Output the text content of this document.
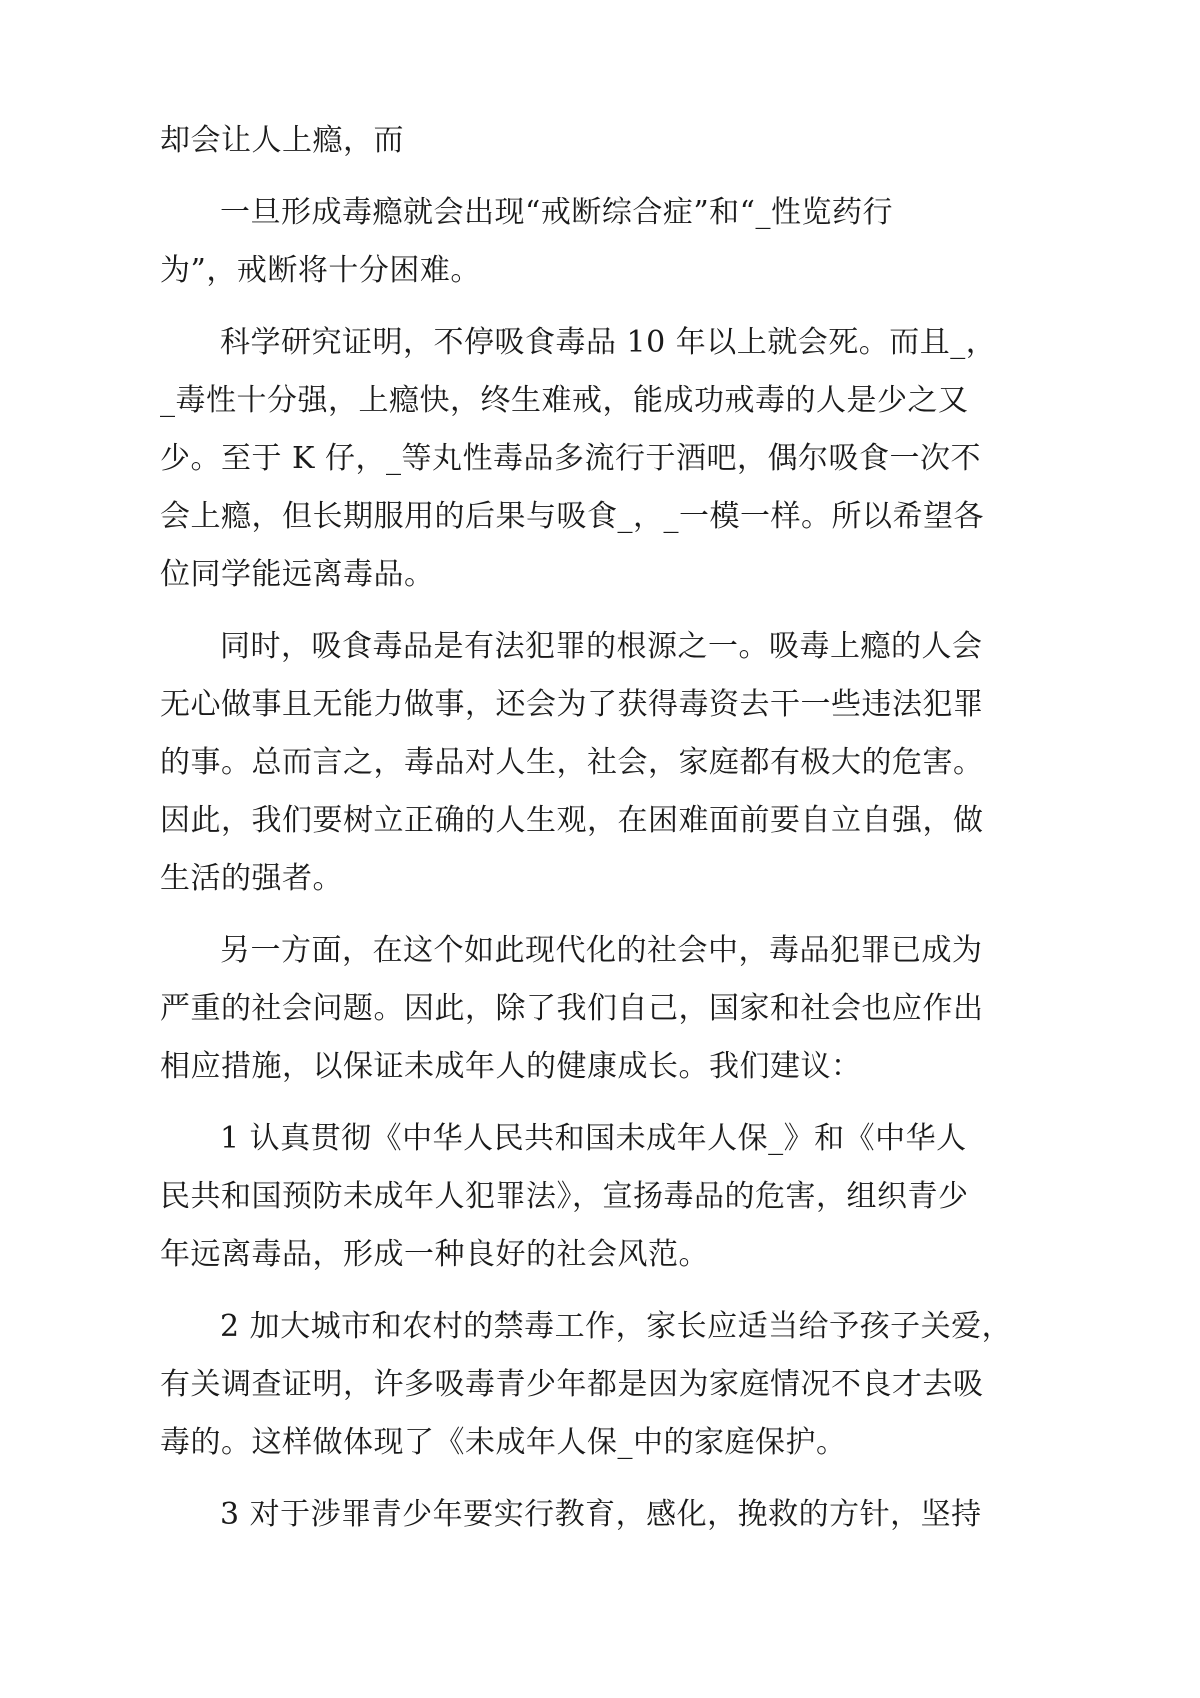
却会让人上瘾，而

一旦形成毒瘾就会出现“戒断综合症”和“_性览药行
为”，戒断将十分困难。

科学研究证明，不停吸食毒品 10 年以上就会死。而且_，
_毒性十分强，上瘾快，终生难戒，能成功戒毒的人是少之又
少。至于 K 仔，_等丸性毒品多流行于酒吧，偶尔吸食一次不
会上瘾，但长期服用的后果与吸食_，_一模一样。所以希望各
位同学能远离毒品。

同时，吸食毒品是有法犯罪的根源之一。吸毒上瘾的人会
无心做事且无能力做事，还会为了获得毒资去干一些违法犯罪
的事。总而言之，毒品对人生，社会，家庭都有极大的危害。
因此，我们要树立正确的人生观，在困难面前要自立自强，做
生活的强者。

另一方面，在这个如此现代化的社会中，毒品犯罪已成为
严重的社会问题。因此，除了我们自己，国家和社会也应作出
相应措施，以保证未成年人的健康成长。我们建议：

1 认真贯彻《中华人民共和国未成年人保_》和《中华人
民共和国预防未成年人犯罪法》，宣扬毒品的危害，组织青少
年远离毒品，形成一种良好的社会风范。

2 加大城市和农村的禁毒工作，家长应适当给予孩子关爱，
有关调查证明，许多吸毒青少年都是因为家庭情况不良才去吸
毒的。这样做体现了《未成年人保_中的家庭保护。

3 对于涉罪青少年要实行教育，感化，挽救的方针，坚持
